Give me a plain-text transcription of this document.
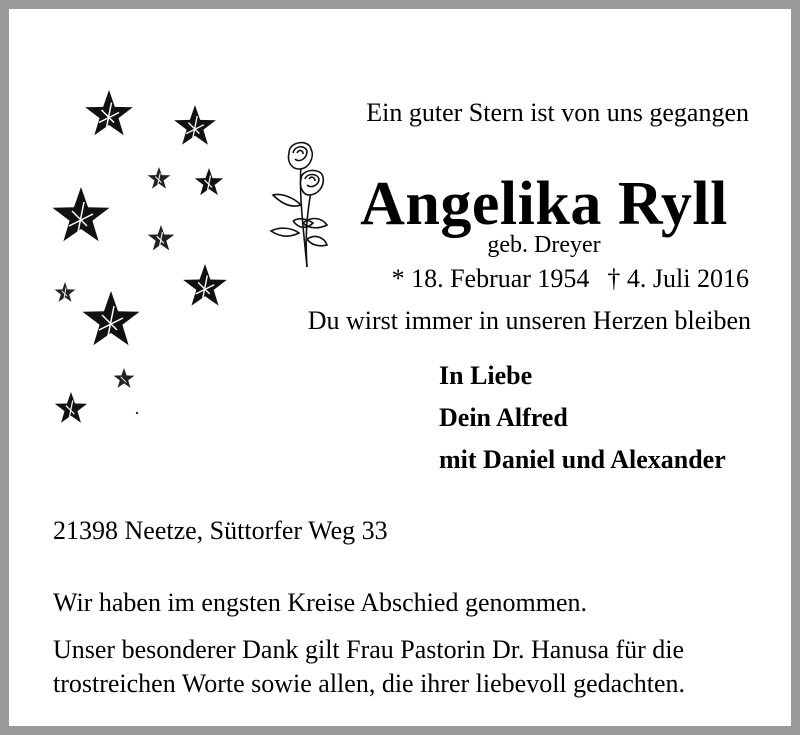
Ein guter Stern ist von uns gegangen
Angelika Ryll
geb. Dreyer
* 18. Februar 1954 † 4. Juli 2016
Du wirst immer in unseren Herzen bleiben
In Liebe
Dein Alfred
mit Daniel und Alexander
21398 Neetze, Süttorfer Weg 33
Wir haben im engsten Kreise Abschied genommen.
Unser besonderer Dank gilt Frau Pastorin Dr. Hanusa für die trostreichen Worte sowie allen, die ihrer liebevoll gedachten.
